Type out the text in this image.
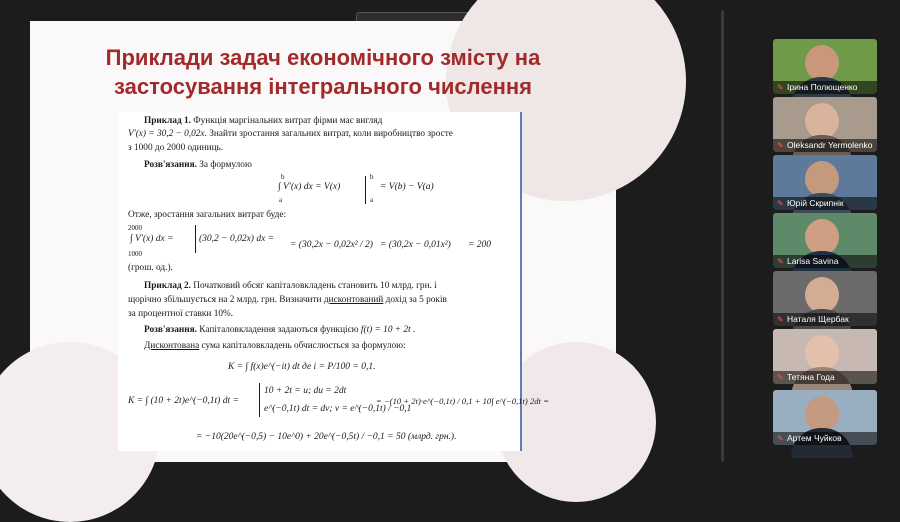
Приклади задач економічного змісту на
застосування інтегрального числення
Приклад 1. Функція маргінальних витрат фірми має вигляд
V′(x) = 30,2 − 0,02x. Знайти зростання загальних витрат, коли виробництво зросте
з 1000 до 2000 одиниць.
Розв'язання. За формулою
b
a
∫ V′(x) dx = V(x)
b
a
= V(b) − V(a)
Отже, зростання загальних витрат буде:
2000
1000
∫ V′(x) dx =	(30,2 − 0,02x) dx =
= (30,2x − 0,02x² / 2) = (30,2x − 0,01x²) = 200
(грош. од.).
Приклад 2. Початковий обсяг капіталовкладень становить 10 млрд. грн. і
щорічно збільшується на 2 млрд. грн. Визначити дисконтований дохід за 5 років
за процентної ставки 10%.
Розв'язання. Капіталовкладення задаються функцією f(t) = 10 + 2t .
Дисконтована сума капіталовкладень обчислюється за формулою:
K = ∫ f(x)e^(−it) dt де i = P/100 = 0,1.
K = ∫ (10 + 2t)e^(−0,1t) dt =
10 + 2t = u; du = 2dt
e^(−0,1t) dt = dv; v = e^(−0,1t) / −0,1
= −(10 + 2t)·e^(−0,1t) / 0,1 + 10∫ e^(−0,1t) 2dt =
= −10(20e^(−0,5) − 10e^0) + 20e^(−0,5t) / −0,1 = 50 (млрд. грн.).
✎ Ірина Полющенко
✎ Oleksandr Yermolenko
✎ Юрій Скрипнік
✎ Larisa Savina
✎ Наталя Щербак
✎ Тетяна Года
✎ Артем Чуйков
